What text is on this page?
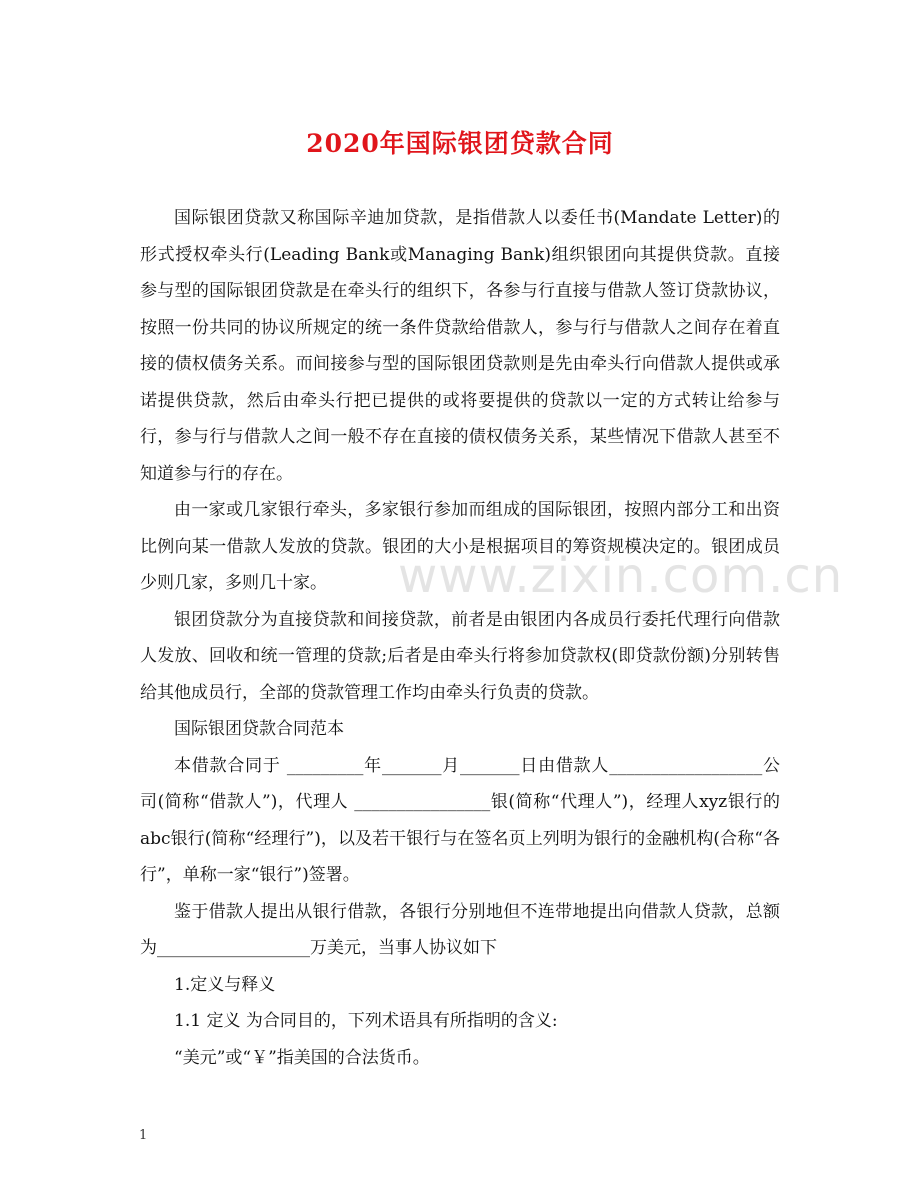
2020年国际银团贷款合同

国际银团贷款又称国际辛迪加贷款，是指借款人以委任书(Mandate Letter)的形式授权牵头行(Leading Bank或Managing Bank)组织银团向其提供贷款。直接参与型的国际银团贷款是在牵头行的组织下，各参与行直接与借款人签订贷款协议，按照一份共同的协议所规定的统一条件贷款给借款人，参与行与借款人之间存在着直接的债权债务关系。而间接参与型的国际银团贷款则是先由牵头行向借款人提供或承诺提供贷款，然后由牵头行把已提供的或将要提供的贷款以一定的方式转让给参与行，参与行与借款人之间一般不存在直接的债权债务关系，某些情况下借款人甚至不知道参与行的存在。

由一家或几家银行牵头，多家银行参加而组成的国际银团，按照内部分工和出资比例向某一借款人发放的贷款。银团的大小是根据项目的筹资规模决定的。银团成员少则几家，多则几十家。

银团贷款分为直接贷款和间接贷款，前者是由银团内各成员行委托代理行向借款人发放、回收和统一管理的贷款;后者是由牵头行将参加贷款权(即贷款份额)分别转售给其他成员行，全部的贷款管理工作均由牵头行负责的贷款。

国际银团贷款合同范本

本借款合同于 _________年_______月_______日由借款人__________________公司(简称“借款人”)，代理人 ________________银(简称“代理人”)，经理人xyz银行的abc银行(简称“经理行”)，以及若干银行与在签名页上列明为银行的金融机构(合称“各行”，单称一家“银行”)签署。

鉴于借款人提出从银行借款，各银行分别地但不连带地提出向借款人贷款，总额为__________________万美元，当事人协议如下

1.定义与释义

1.1 定义 为合同目的，下列术语具有所指明的含义:

“美元”或“￥”指美国的合法货币。

www.zixin.com.cn
1
